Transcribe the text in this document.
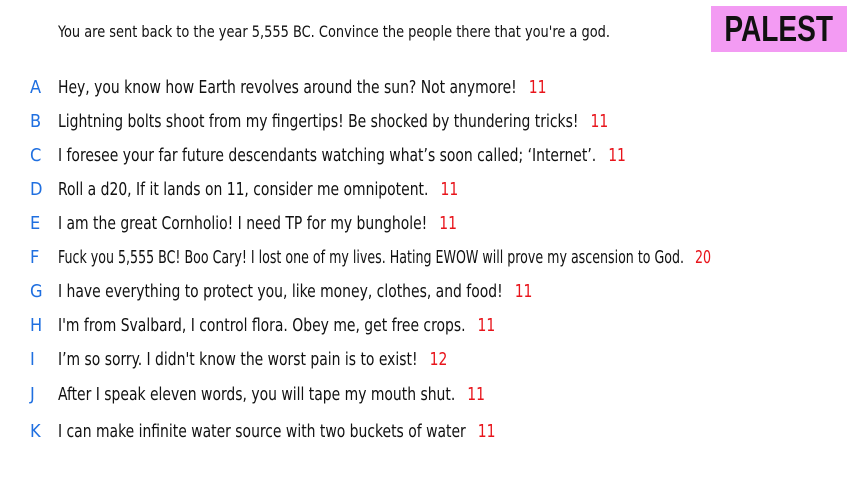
You are sent back to the year 5,555 BC. Convince the people there that you're a god.	PALEST
A Hey, you know how Earth revolves around the sun? Not anymore! 11
B Lightning bolts shoot from my fingertips! Be shocked by thundering tricks! 11
C I foresee your far future descendants watching what’s soon called; ‘Internet’. 11
D Roll a d20, If it lands on 11, consider me omnipotent. 11
E I am the great Cornholio! I need TP for my bunghole! 11
F	Fuck you 5,555 BC! Boo Cary! I lost one of my lives. Hating EWOW will prove my ascension to God. 20
G I have everything to protect you, like money, clothes, and food! 11
H I'm from Svalbard, I control flora. Obey me, get free crops. 11
I	I’m so sorry. I didn't know the worst pain is to exist! 12
J	After I speak eleven words, you will tape my mouth shut. 11
K I can make infinite water source with two buckets of water 11
